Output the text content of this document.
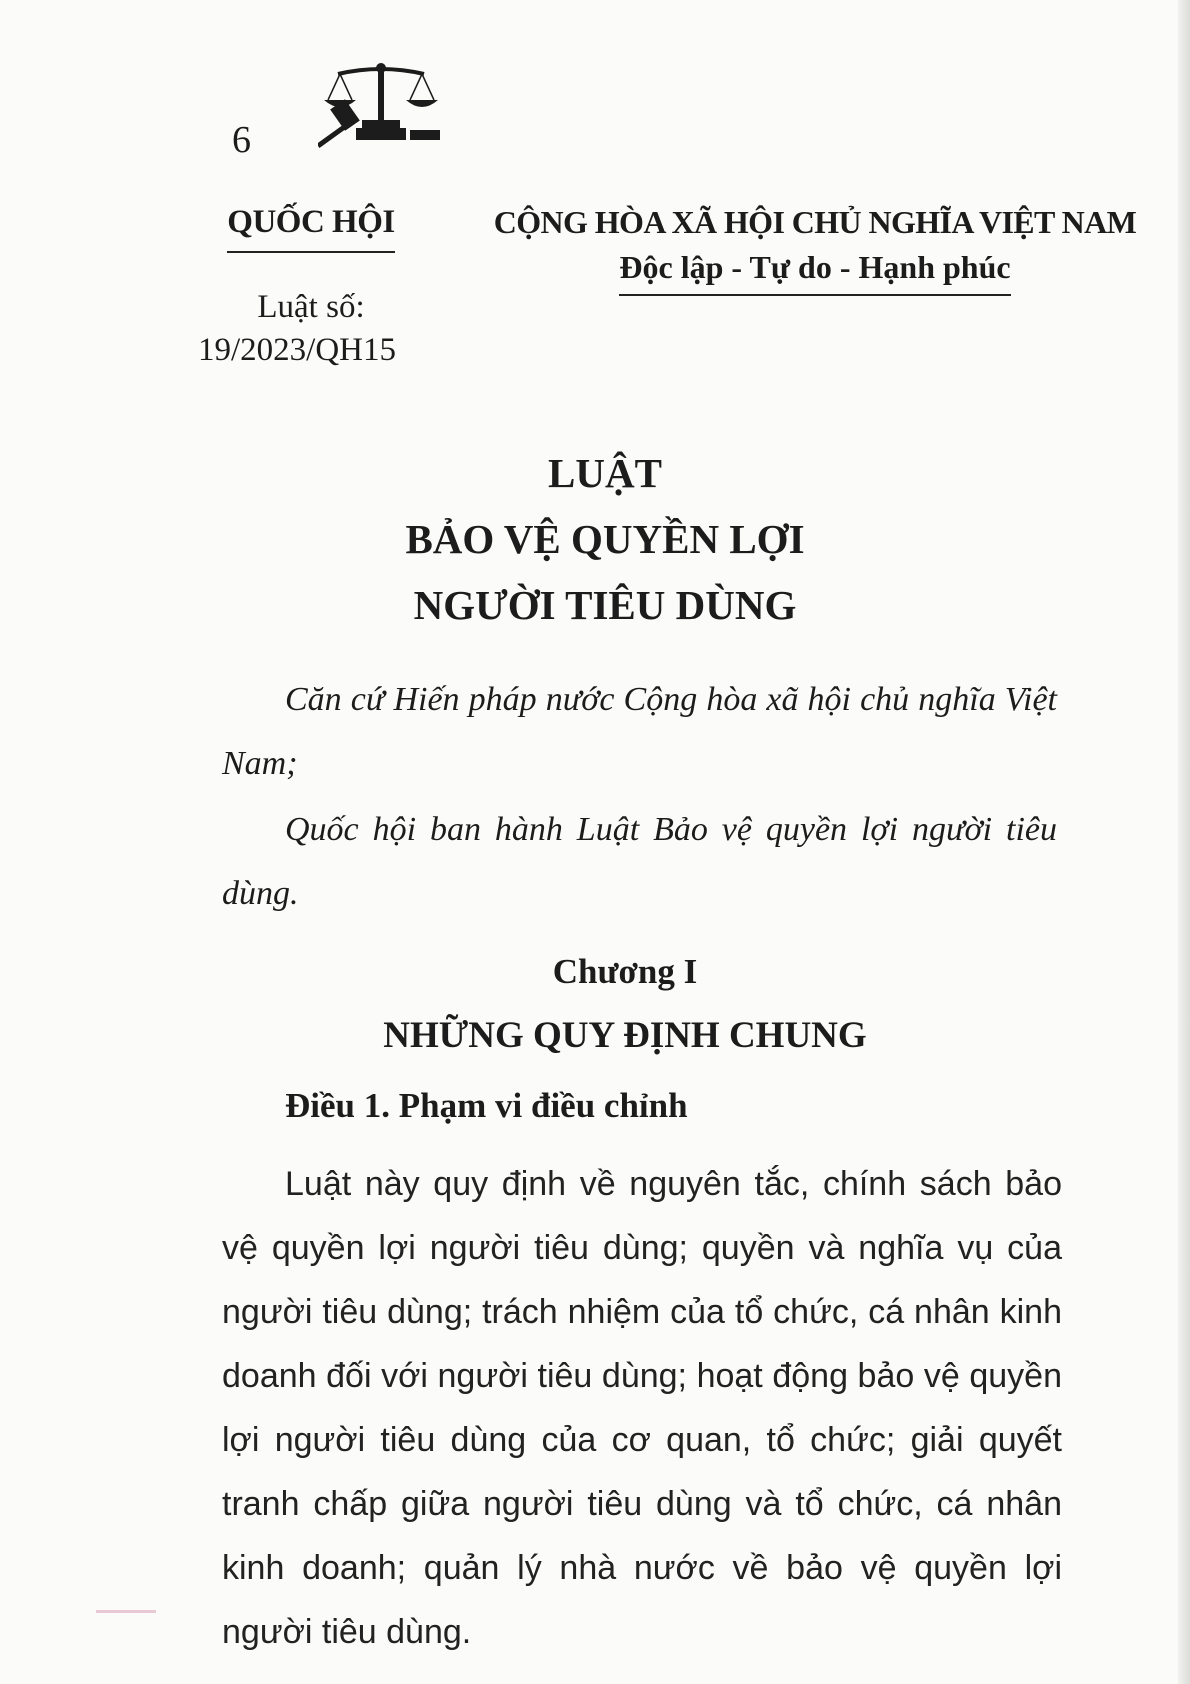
6
QUỐC HỘI
Luật số:
19/2023/QH15
CỘNG HÒA XÃ HỘI CHỦ NGHĨA VIỆT NAM
Độc lập - Tự do - Hạnh phúc
LUẬT
BẢO VỆ QUYỀN LỢI
NGƯỜI TIÊU DÙNG

Căn cứ Hiến pháp nước Cộng hòa xã hội chủ nghĩa Việt Nam;

Quốc hội ban hành Luật Bảo vệ quyền lợi người tiêu dùng.

Chương I
NHỮNG QUY ĐỊNH CHUNG
Điều 1. Phạm vi điều chỉnh

Luật này quy định về nguyên tắc, chính sách bảo vệ quyền lợi người tiêu dùng; quyền và nghĩa vụ của người tiêu dùng; trách nhiệm của tổ chức, cá nhân kinh doanh đối với người tiêu dùng; hoạt động bảo vệ quyền lợi người tiêu dùng của cơ quan, tổ chức; giải quyết tranh chấp giữa người tiêu dùng và tổ chức, cá nhân kinh doanh; quản lý nhà nước về bảo vệ quyền lợi người tiêu dùng.
